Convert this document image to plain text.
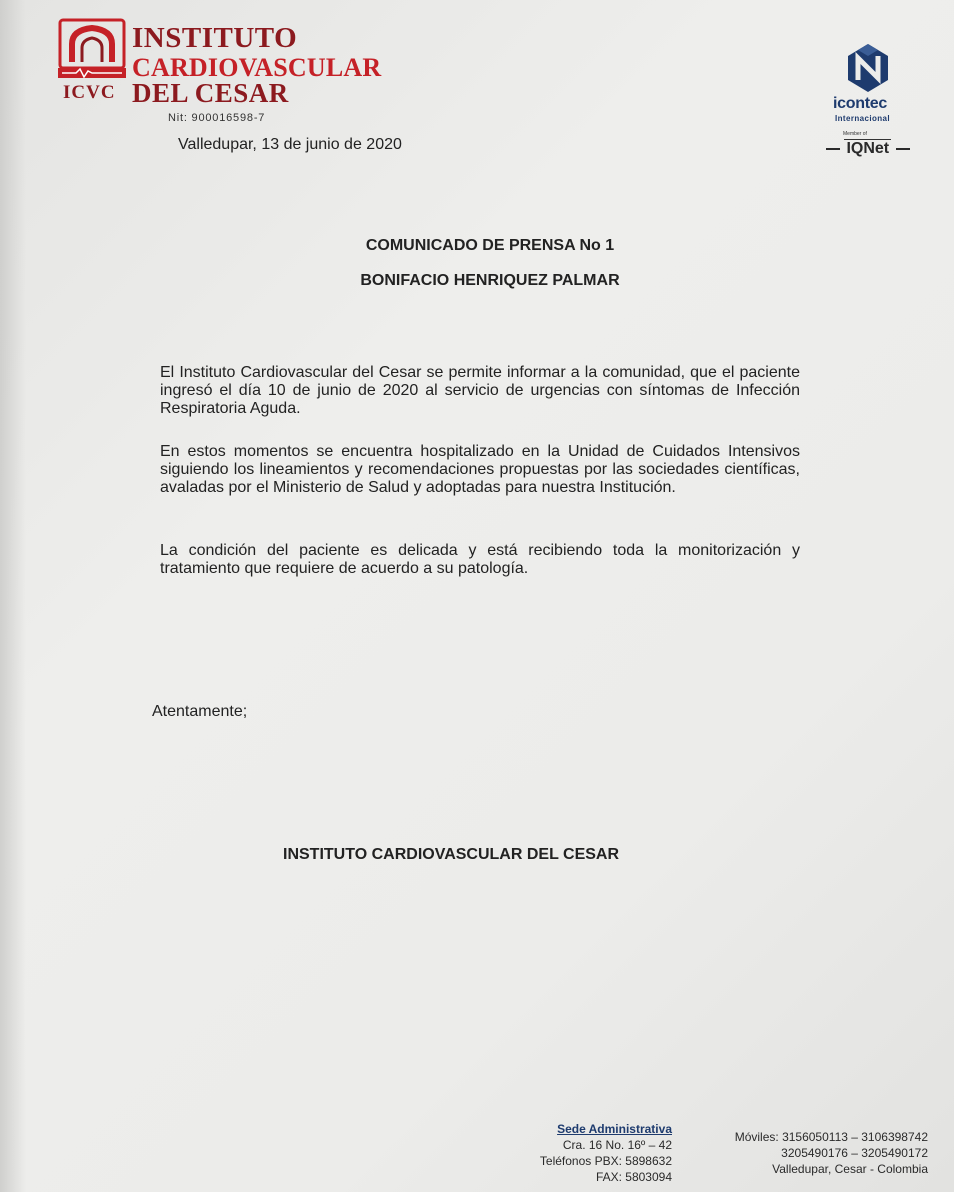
INSTITUTO
CARDIOVASCULAR
DEL CESAR
ICVC
Nit: 900016598-7
Valledupar, 13 de junio de 2020
icontec
Internacional
Member of
IQNet
COMUNICADO DE PRENSA No 1
BONIFACIO HENRIQUEZ PALMAR

El Instituto Cardiovascular del Cesar se permite informar a la comunidad, que el paciente ingresó el día 10 de junio de 2020 al servicio de urgencias con síntomas de Infección Respiratoria Aguda.

En estos momentos se encuentra hospitalizado en la Unidad de Cuidados Intensivos siguiendo los lineamientos y recomendaciones propuestas por las sociedades científicas, avaladas por el Ministerio de Salud y adoptadas para nuestra Institución.

La condición del paciente es delicada y está recibiendo toda la monitorización y tratamiento que requiere de acuerdo a su patología.

Atentamente;
INSTITUTO CARDIOVASCULAR DEL CESAR
Sede Administrativa
Cra. 16 No. 16º – 42
Teléfonos PBX: 5898632
FAX: 5803094
Móviles: 3156050113 – 3106398742
3205490176 – 3205490172
Valledupar, Cesar - Colombia
